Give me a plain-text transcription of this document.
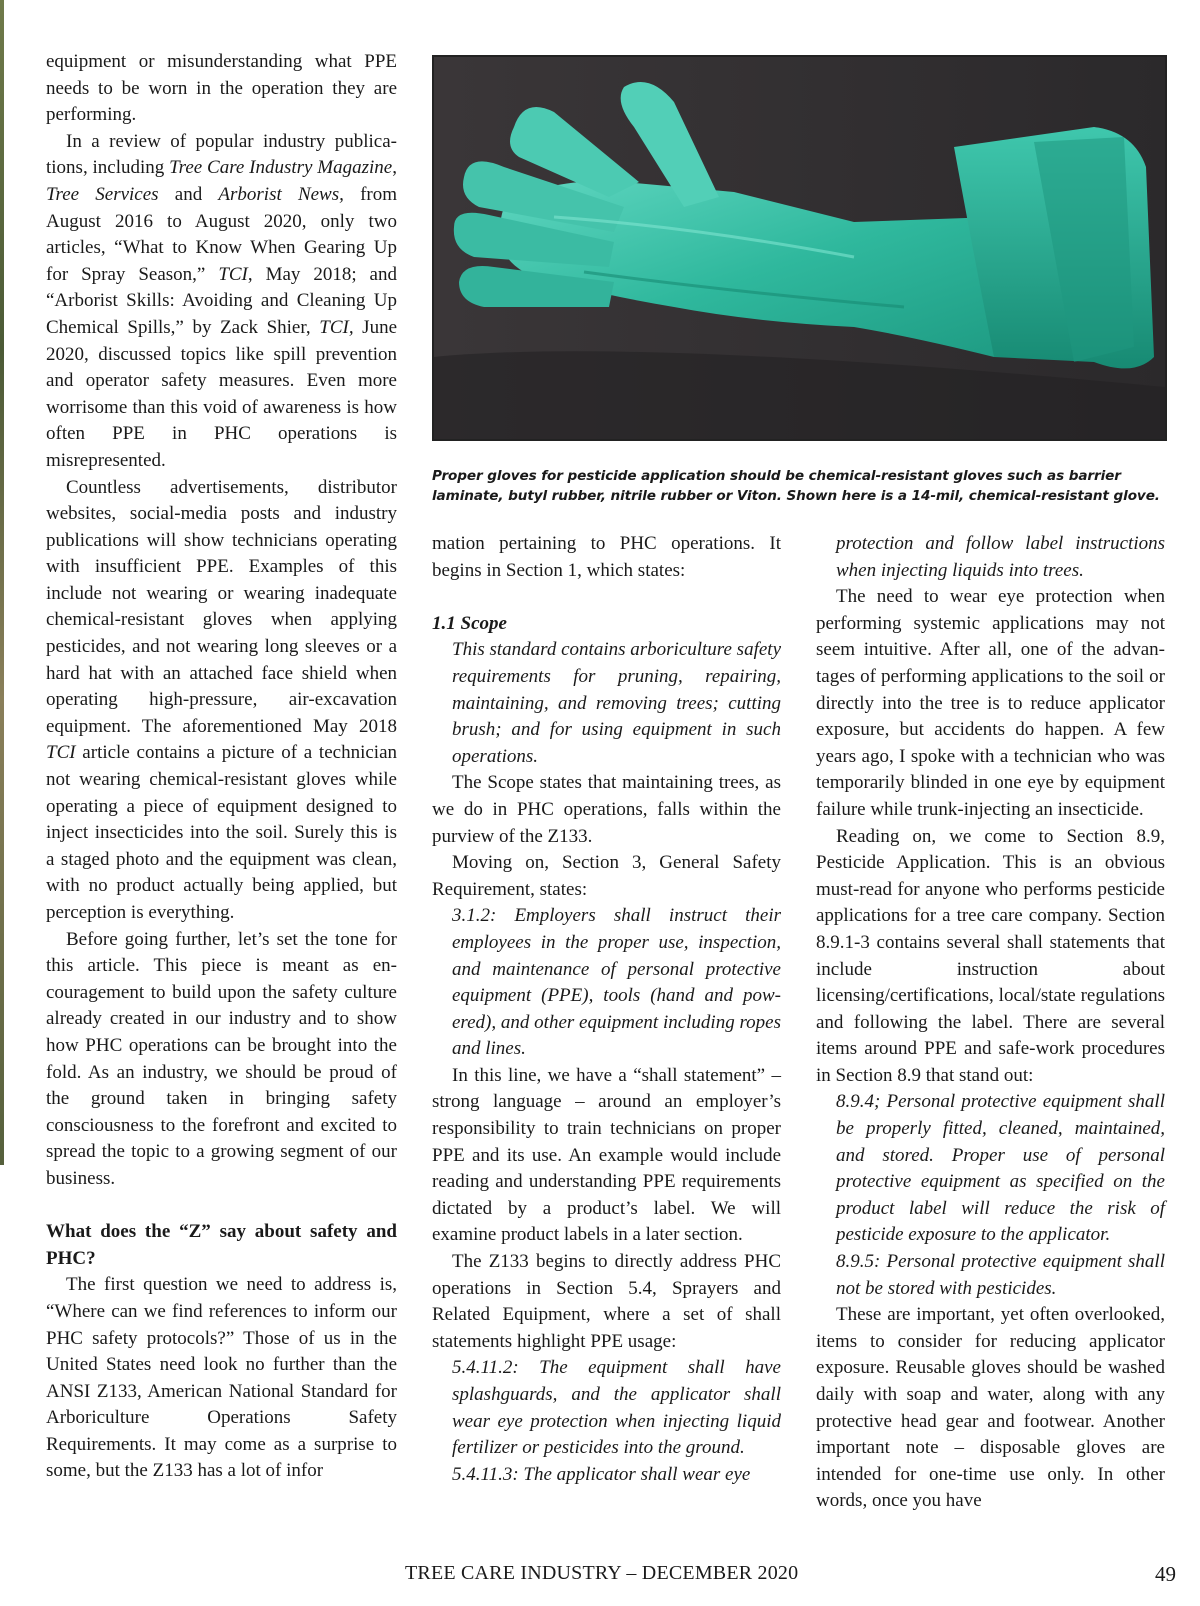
equipment or misunderstanding what PPE needs to be worn in the operation they are performing.

In a review of popular industry publications, including Tree Care Industry Magazine, Tree Services and Arborist News, from August 2016 to August 2020, only two articles, “What to Know When Gearing Up for Spray Season,” TCI, May 2018; and “Arborist Skills: Avoiding and Cleaning Up Chemical Spills,” by Zack Shier, TCI, June 2020, discussed topics like spill prevention and operator safety measures. Even more worrisome than this void of awareness is how often PPE in PHC operations is misrepresented.

Countless advertisements, distributor websites, social-media posts and industry publications will show technicians operating with insufficient PPE. Examples of this include not wearing or wearing inadequate chemical-resistant gloves when applying pesticides, and not wearing long sleeves or a hard hat with an attached face shield when operating high-pressure, air-excavation equipment. The aforementioned May 2018 TCI article contains a picture of a technician not wearing chemical-resistant gloves while operating a piece of equipment designed to inject insecticides into the soil. Surely this is a staged photo and the equipment was clean, with no product actually being applied, but perception is everything.

Before going further, let’s set the tone for this article. This piece is meant as encouragement to build upon the safety culture already created in our industry and to show how PHC operations can be brought into the fold. As an industry, we should be proud of the ground taken in bringing safety consciousness to the forefront and excited to spread the topic to a growing segment of our business.

What does the “Z” say about safety and PHC?

The first question we need to address is, “Where can we find references to inform our PHC safety protocols?” Those of us in the United States need look no further than the ANSI Z133, American National Standard for Arboriculture Operations Safety Requirements. It may come as a surprise to some, but the Z133 has a lot of infor

Proper gloves for pesticide application should be chemical-resistant gloves such as barrier laminate, butyl rubber, nitrile rubber or Viton. Shown here is a 14-mil, chemical-resistant glove.

mation pertaining to PHC operations. It begins in Section 1, which states:

1.1 Scope

This standard contains arboriculture safety requirements for pruning, repairing, maintaining, and removing trees; cutting brush; and for using equipment in such operations.

The Scope states that maintaining trees, as we do in PHC operations, falls within the purview of the Z133.

Moving on, Section 3, General Safety Requirement, states:

3.1.2: Employers shall instruct their employees in the proper use, inspection, and maintenance of personal protective equipment (PPE), tools (hand and powered), and other equipment including ropes and lines.

In this line, we have a “shall statement” – strong language – around an employer’s responsibility to train technicians on proper PPE and its use. An example would include reading and understanding PPE requirements dictated by a product’s label. We will examine product labels in a later section.

The Z133 begins to directly address PHC operations in Section 5.4, Sprayers and Related Equipment, where a set of shall statements highlight PPE usage:

5.4.11.2: The equipment shall have splashguards, and the applicator shall wear eye protection when injecting liquid fertilizer or pesticides into the ground.

5.4.11.3: The applicator shall wear eye

protection and follow label instructions when injecting liquids into trees.

The need to wear eye protection when performing systemic applications may not seem intuitive. After all, one of the advantages of performing applications to the soil or directly into the tree is to reduce applicator exposure, but accidents do happen. A few years ago, I spoke with a technician who was temporarily blinded in one eye by equipment failure while trunk-injecting an insecticide.

Reading on, we come to Section 8.9, Pesticide Application. This is an obvious must-read for anyone who performs pesticide applications for a tree care company. Section 8.9.1-3 contains several shall statements that include instruction about licensing/certifications, local/state regulations and following the label. There are several items around PPE and safe-work procedures in Section 8.9 that stand out:

8.9.4; Personal protective equipment shall be properly fitted, cleaned, maintained, and stored. Proper use of personal protective equipment as specified on the product label will reduce the risk of pesticide exposure to the applicator.

8.9.5: Personal protective equipment shall not be stored with pesticides.

These are important, yet often overlooked, items to consider for reducing applicator exposure. Reusable gloves should be washed daily with soap and water, along with any protective head gear and footwear. Another important note – disposable gloves are intended for one-time use only. In other words, once you have

TREE CARE INDUSTRY – DECEMBER 2020	49
